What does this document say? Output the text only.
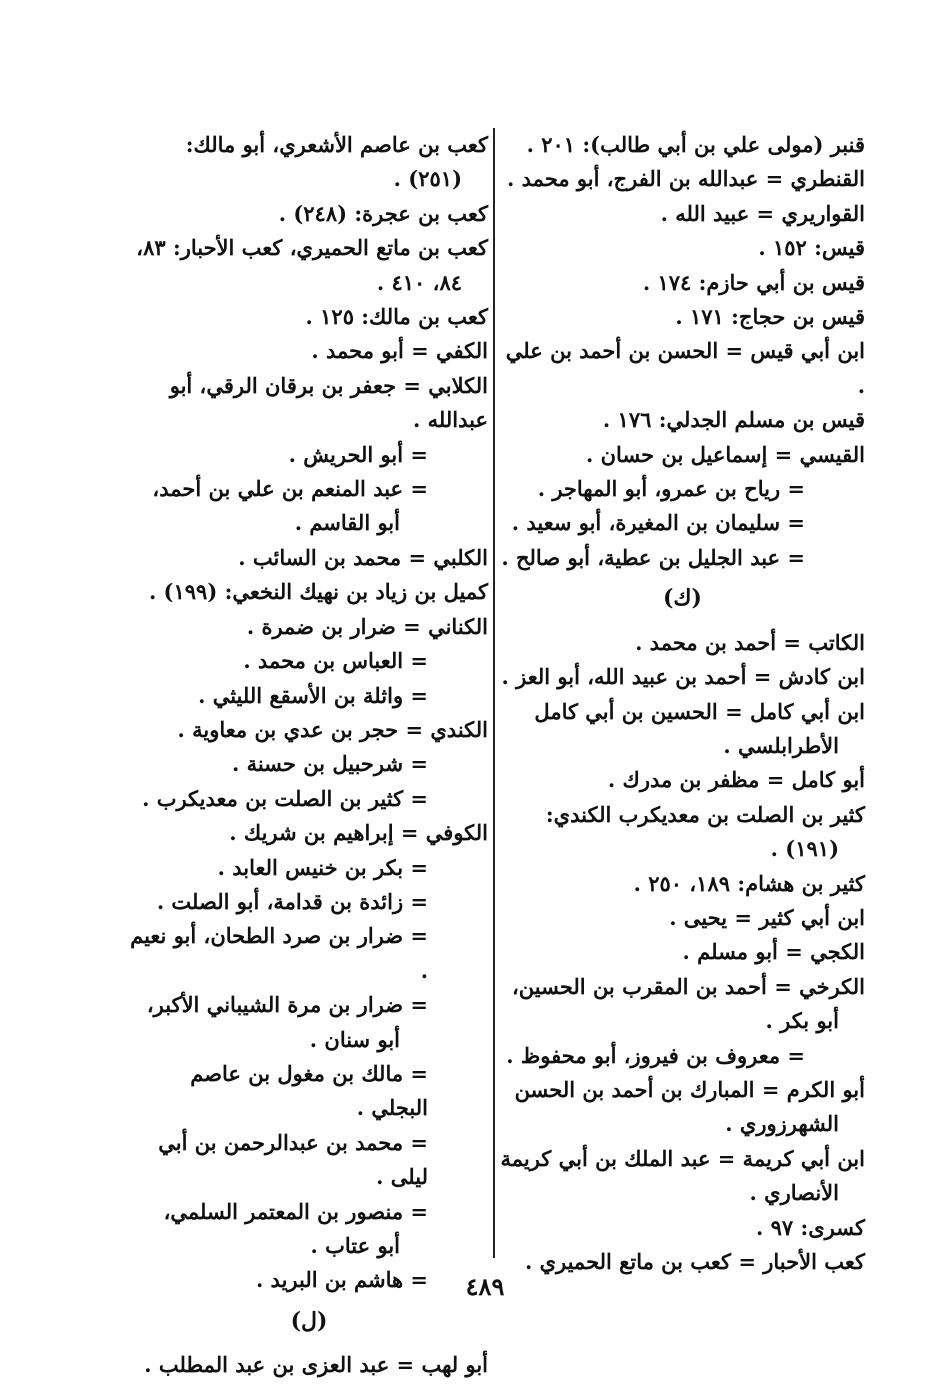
قنبر (مولى علي بن أبي طالب): ٢٠١ .

القنطري = عبدالله بن الفرج، أبو محمد .

القواريري = عبيد الله .

قيس: ١٥٢ .

قيس بن أبي حازم: ١٧٤ .

قيس بن حجاج: ١٧١ .

ابن أبي قيس = الحسن بن أحمد بن علي .

قيس بن مسلم الجدلي: ١٧٦ .

القيسي = إسماعيل بن حسان .

= رياح بن عمرو، أبو المهاجر .

= سليمان بن المغيرة، أبو سعيد .

= عبد الجليل بن عطية، أبو صالح .

(ك)

الكاتب = أحمد بن محمد .

ابن كادش = أحمد بن عبيد الله، أبو العز .

ابن أبي كامل = الحسين بن أبي كامل

الأطرابلسي .

أبو كامل = مظفر بن مدرك .

كثير بن الصلت بن معديكرب الكندي:

(١٩١) .

كثير بن هشام: ١٨٩، ٢٥٠ .

ابن أبي كثير = يحيى .

الكجي = أبو مسلم .

الكرخي = أحمد بن المقرب بن الحسين،

أبو بكر .

= معروف بن فيروز، أبو محفوظ .

أبو الكرم = المبارك بن أحمد بن الحسن

الشهرزوري .

ابن أبي كريمة = عبد الملك بن أبي كريمة

الأنصاري .

كسرى: ٩٧ .

كعب الأحبار = كعب بن ماتع الحميري .

كعب بن عاصم الأشعري، أبو مالك:

(٢٥١) .

كعب بن عجرة: (٢٤٨) .

كعب بن ماتع الحميري، كعب الأحبار: ٨٣،

٨٤، ٤١٠ .

كعب بن مالك: ١٢٥ .

الكفي = أبو محمد .

الكلابي = جعفر بن برقان الرقي، أبو عبدالله .

= أبو الحريش .

= عبد المنعم بن علي بن أحمد،

أبو القاسم .

الكلبي = محمد بن السائب .

كميل بن زياد بن نهيك النخعي: (١٩٩) .

الكناني = ضرار بن ضمرة .

= العباس بن محمد .

= واثلة بن الأسقع الليثي .

الكندي = حجر بن عدي بن معاوية .

= شرحبيل بن حسنة .

= كثير بن الصلت بن معديكرب .

الكوفي = إبراهيم بن شريك .

= بكر بن خنيس العابد .

= زائدة بن قدامة، أبو الصلت .

= ضرار بن صرد الطحان، أبو نعيم .

= ضرار بن مرة الشيباني الأكبر،

أبو سنان .

= مالك بن مغول بن عاصم البجلي .

= محمد بن عبدالرحمن بن أبي ليلى .

= منصور بن المعتمر السلمي،

أبو عتاب .

= هاشم بن البريد .

(ل)

أبو لهب = عبد العزى بن عبد المطلب .

٤٨٩
